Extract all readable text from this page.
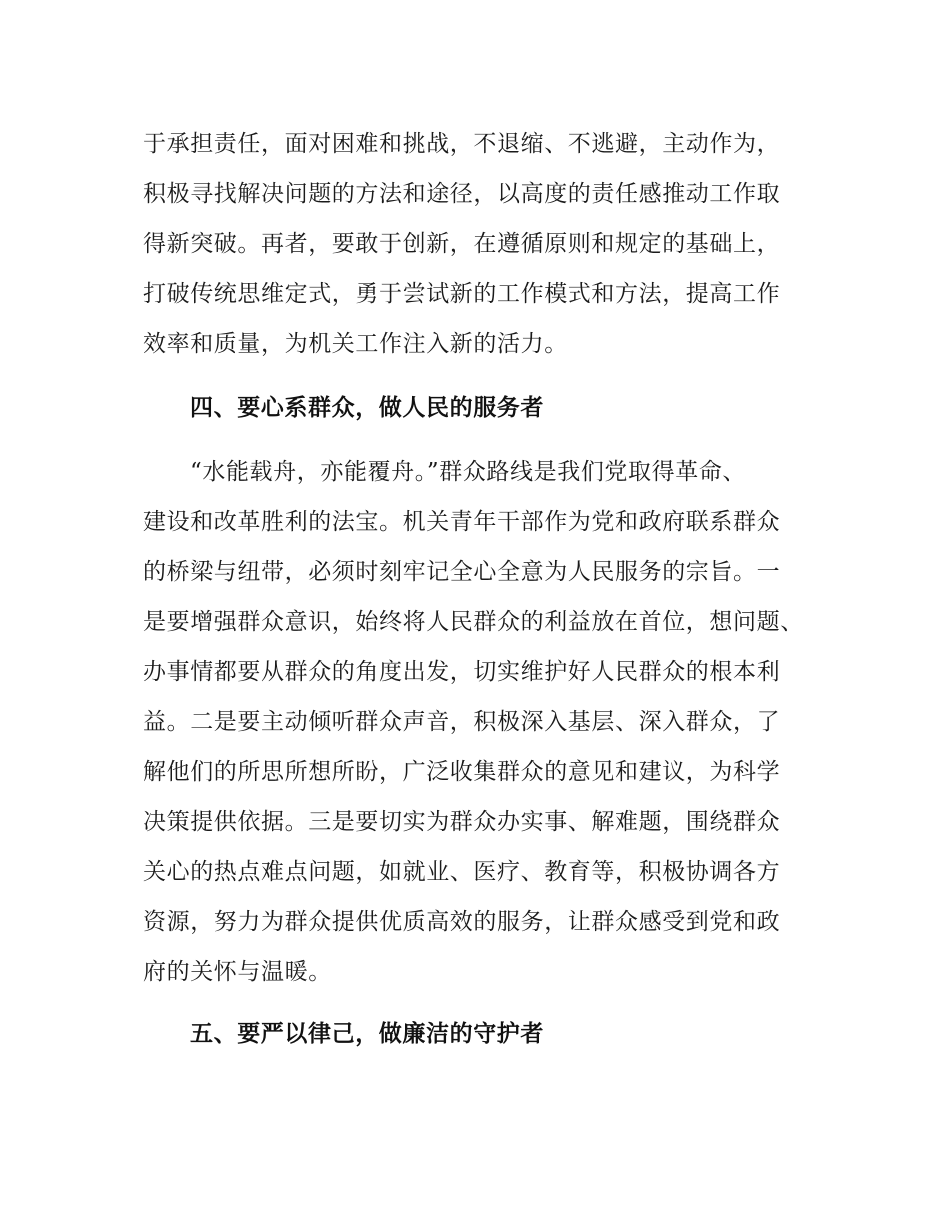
于承担责任，面对困难和挑战，不退缩、不逃避，主动作为，
积极寻找解决问题的方法和途径，以高度的责任感推动工作取
得新突破。再者，要敢于创新，在遵循原则和规定的基础上，
打破传统思维定式，勇于尝试新的工作模式和方法，提高工作
效率和质量，为机关工作注入新的活力。
四、要心系群众，做人民的服务者
“水能载舟，亦能覆舟。”群众路线是我们党取得革命、
建设和改革胜利的法宝。机关青年干部作为党和政府联系群众
的桥梁与纽带，必须时刻牢记全心全意为人民服务的宗旨。一
是要增强群众意识，始终将人民群众的利益放在首位，想问题、
办事情都要从群众的角度出发，切实维护好人民群众的根本利
益。二是要主动倾听群众声音，积极深入基层、深入群众，了
解他们的所思所想所盼，广泛收集群众的意见和建议，为科学
决策提供依据。三是要切实为群众办实事、解难题，围绕群众
关心的热点难点问题，如就业、医疗、教育等，积极协调各方
资源，努力为群众提供优质高效的服务，让群众感受到党和政
府的关怀与温暖。
五、要严以律己，做廉洁的守护者
